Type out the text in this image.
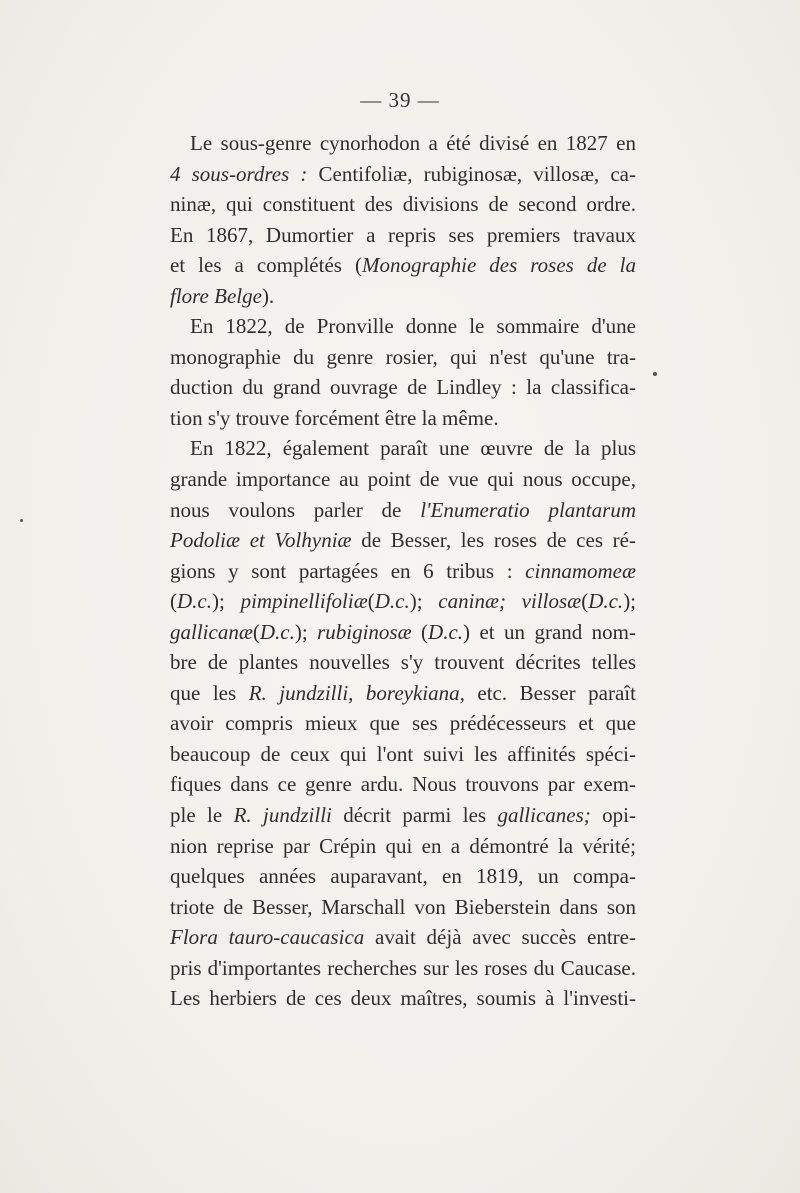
— 39 —
Le sous-genre cynorhodon a été divisé en 1827 en
4 sous-ordres : Centifoliæ, rubiginosæ, villosæ, ca-
ninæ, qui constituent des divisions de second ordre.
En 1867, Dumortier a repris ses premiers travaux
et les a complétés (Monographie des roses de la
flore Belge).
En 1822, de Pronville donne le sommaire d'une
monographie du genre rosier, qui n'est qu'une tra-
duction du grand ouvrage de Lindley : la classifica-
tion s'y trouve forcément être la même.
En 1822, également paraît une œuvre de la plus
grande importance au point de vue qui nous occupe,
nous voulons parler de l'Enumeratio plantarum
Podoliæ et Volhyniæ de Besser, les roses de ces ré-
gions y sont partagées en 6 tribus : cinnamomeæ
(D.c.); pimpinellifoliæ(D.c.); caninæ; villosæ(D.c.);
gallicanæ(D.c.); rubiginosæ (D.c.) et un grand nom-
bre de plantes nouvelles s'y trouvent décrites telles
que les R. jundzilli, boreykiana, etc. Besser paraît
avoir compris mieux que ses prédécesseurs et que
beaucoup de ceux qui l'ont suivi les affinités spéci-
fiques dans ce genre ardu. Nous trouvons par exem-
ple le R. jundzilli décrit parmi les gallicanes; opi-
nion reprise par Crépin qui en a démontré la vérité;
quelques années auparavant, en 1819, un compa-
triote de Besser, Marschall von Bieberstein dans son
Flora tauro-caucasica avait déjà avec succès entre-
pris d'importantes recherches sur les roses du Caucase.
Les herbiers de ces deux maîtres, soumis à l'investi-
